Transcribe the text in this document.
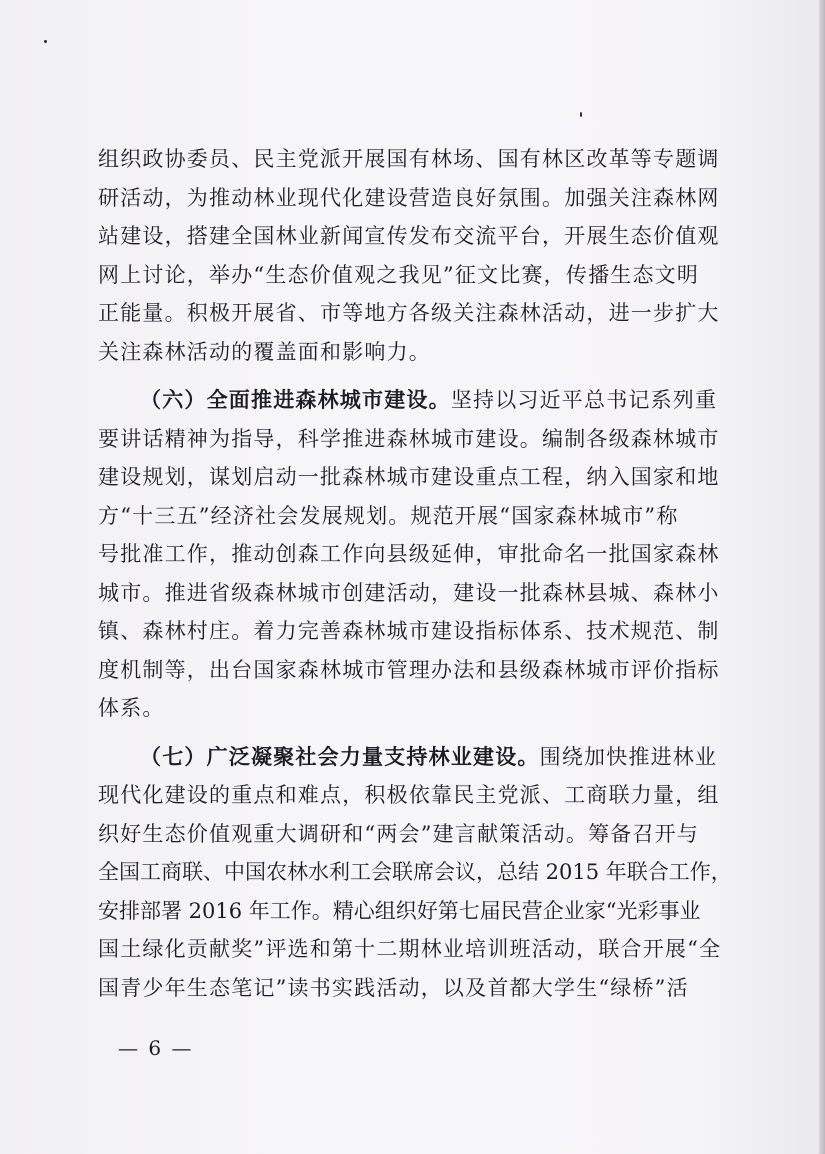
组织政协委员、民主党派开展国有林场、国有林区改革等专题调
研活动，为推动林业现代化建设营造良好氛围。加强关注森林网
站建设，搭建全国林业新闻宣传发布交流平台，开展生态价值观
网上讨论，举办“生态价值观之我见”征文比赛，传播生态文明
正能量。积极开展省、市等地方各级关注森林活动，进一步扩大
关注森林活动的覆盖面和影响力。
（六）全面推进森林城市建设。坚持以习近平总书记系列重
要讲话精神为指导，科学推进森林城市建设。编制各级森林城市
建设规划，谋划启动一批森林城市建设重点工程，纳入国家和地
方“十三五”经济社会发展规划。规范开展“国家森林城市”称
号批准工作，推动创森工作向县级延伸，审批命名一批国家森林
城市。推进省级森林城市创建活动，建设一批森林县城、森林小
镇、森林村庄。着力完善森林城市建设指标体系、技术规范、制
度机制等，出台国家森林城市管理办法和县级森林城市评价指标
体系。
（七）广泛凝聚社会力量支持林业建设。围绕加快推进林业
现代化建设的重点和难点，积极依靠民主党派、工商联力量，组
织好生态价值观重大调研和“两会”建言献策活动。筹备召开与
全国工商联、中国农林水利工会联席会议，总结 2015 年联合工作，
安排部署 2016 年工作。精心组织好第七届民营企业家“光彩事业
国土绿化贡献奖”评选和第十二期林业培训班活动，联合开展“全
国青少年生态笔记”读书实践活动，以及首都大学生“绿桥”活
— 6 —
